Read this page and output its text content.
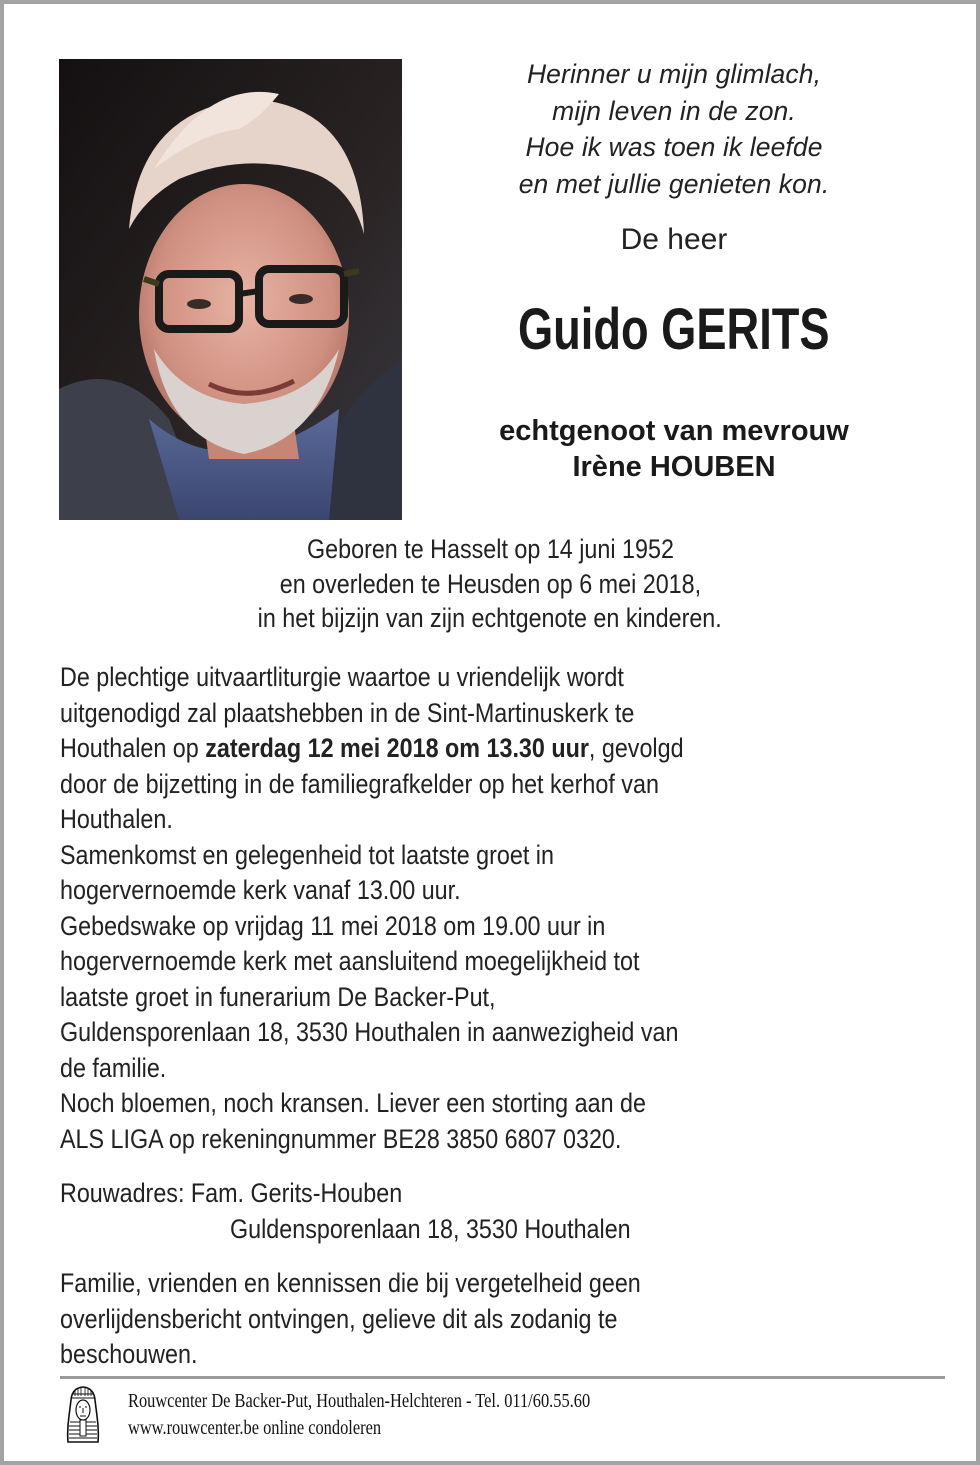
Herinner u mijn glimlach,
mijn leven in de zon.
Hoe ik was toen ik leefde
en met jullie genieten kon.
De heer
Guido GERITS
echtgenoot van mevrouw
Irène HOUBEN
Geboren te Hasselt op 14 juni 1952
en overleden te Heusden op 6 mei 2018,
in het bijzijn van zijn echtgenote en kinderen.
De plechtige uitvaartliturgie waartoe u vriendelijk wordt
uitgenodigd zal plaatshebben in de Sint-Martinuskerk te
Houthalen op zaterdag 12 mei 2018 om 13.30 uur, gevolgd
door de bijzetting in de familiegrafkelder op het kerhof van
Houthalen.
Samenkomst en gelegenheid tot laatste groet in
hogervernoemde kerk vanaf 13.00 uur.
Gebedswake op vrijdag 11 mei 2018 om 19.00 uur in
hogervernoemde kerk met aansluitend moegelijkheid tot
laatste groet in funerarium De Backer-Put,
Guldensporenlaan 18, 3530 Houthalen in aanwezigheid van
de familie.
Noch bloemen, noch kransen. Liever een storting aan de
ALS LIGA op rekeningnummer BE28 3850 6807 0320.
Rouwadres: Fam. Gerits-Houben
Guldensporenlaan 18, 3530 Houthalen
Familie, vrienden en kennissen die bij vergetelheid geen
overlijdensbericht ontvingen, gelieve dit als zodanig te
beschouwen.
Rouwcenter De Backer-Put, Houthalen-Helchteren - Tel. 011/60.55.60
www.rouwcenter.be online condoleren
